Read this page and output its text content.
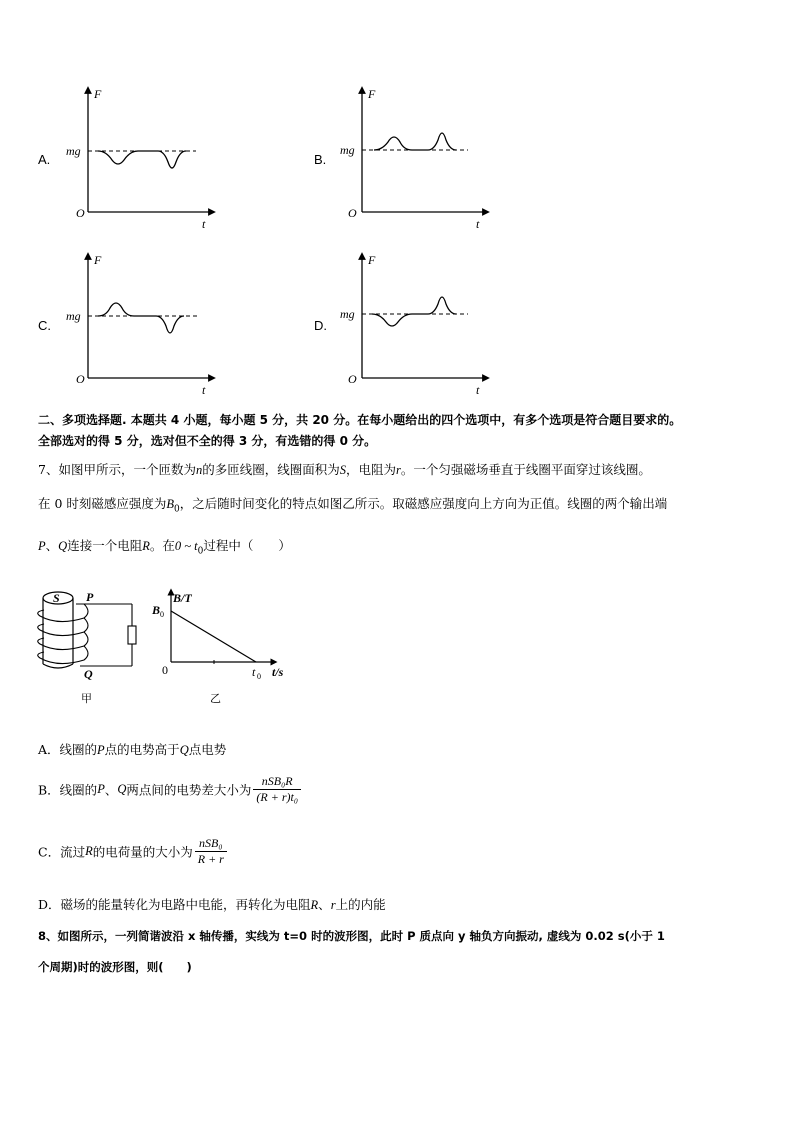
A.	B.
C.	D.
F
mg
O
t
F
mg
O
t
F
mg
O
t
F
mg
O
t
二、多项选择题. 本题共 4 小题，每小题 5 分，共 20 分。在每小题给出的四个选项中，有多个选项是符合题目要求的。
全部选对的得 5 分，选对但不全的得 3 分，有选错的得 0 分。
7、如图甲所示，一个匝数为n的多匝线圈，线圈面积为S，电阻为r。一个匀强磁场垂直于线圈平面穿过该线圈。
在 0 时刻磁感应强度为$B_0$，之后随时间变化的特点如图乙所示。取磁感应强度向上方向为正值。线圈的两个输出端
P、Q连接一个电阻R。在0 ~ $t_0$过程中（　　）
S P
Q
甲
B/T
B 0
0	t 0 t/s
乙
A．线圈的P点的电势高于Q点电势
B．线圈的P、Q两点间的电势差大小为 $\frac{\text{nSB₀R}}{\text{(R + r)t₀}}$
C．流过R的电荷量的大小为 $\frac{\text{nSB₀}}{R + r}$
D．磁场的能量转化为电路中电能，再转化为电阻R、r上的内能
8、如图所示，一列简谐波沿 x 轴传播，实线为 t=0 时的波形图，此时 P 质点向 y 轴负方向振动, 虚线为 0.02 s(小于 1
个周期)时的波形图，则(　　)
